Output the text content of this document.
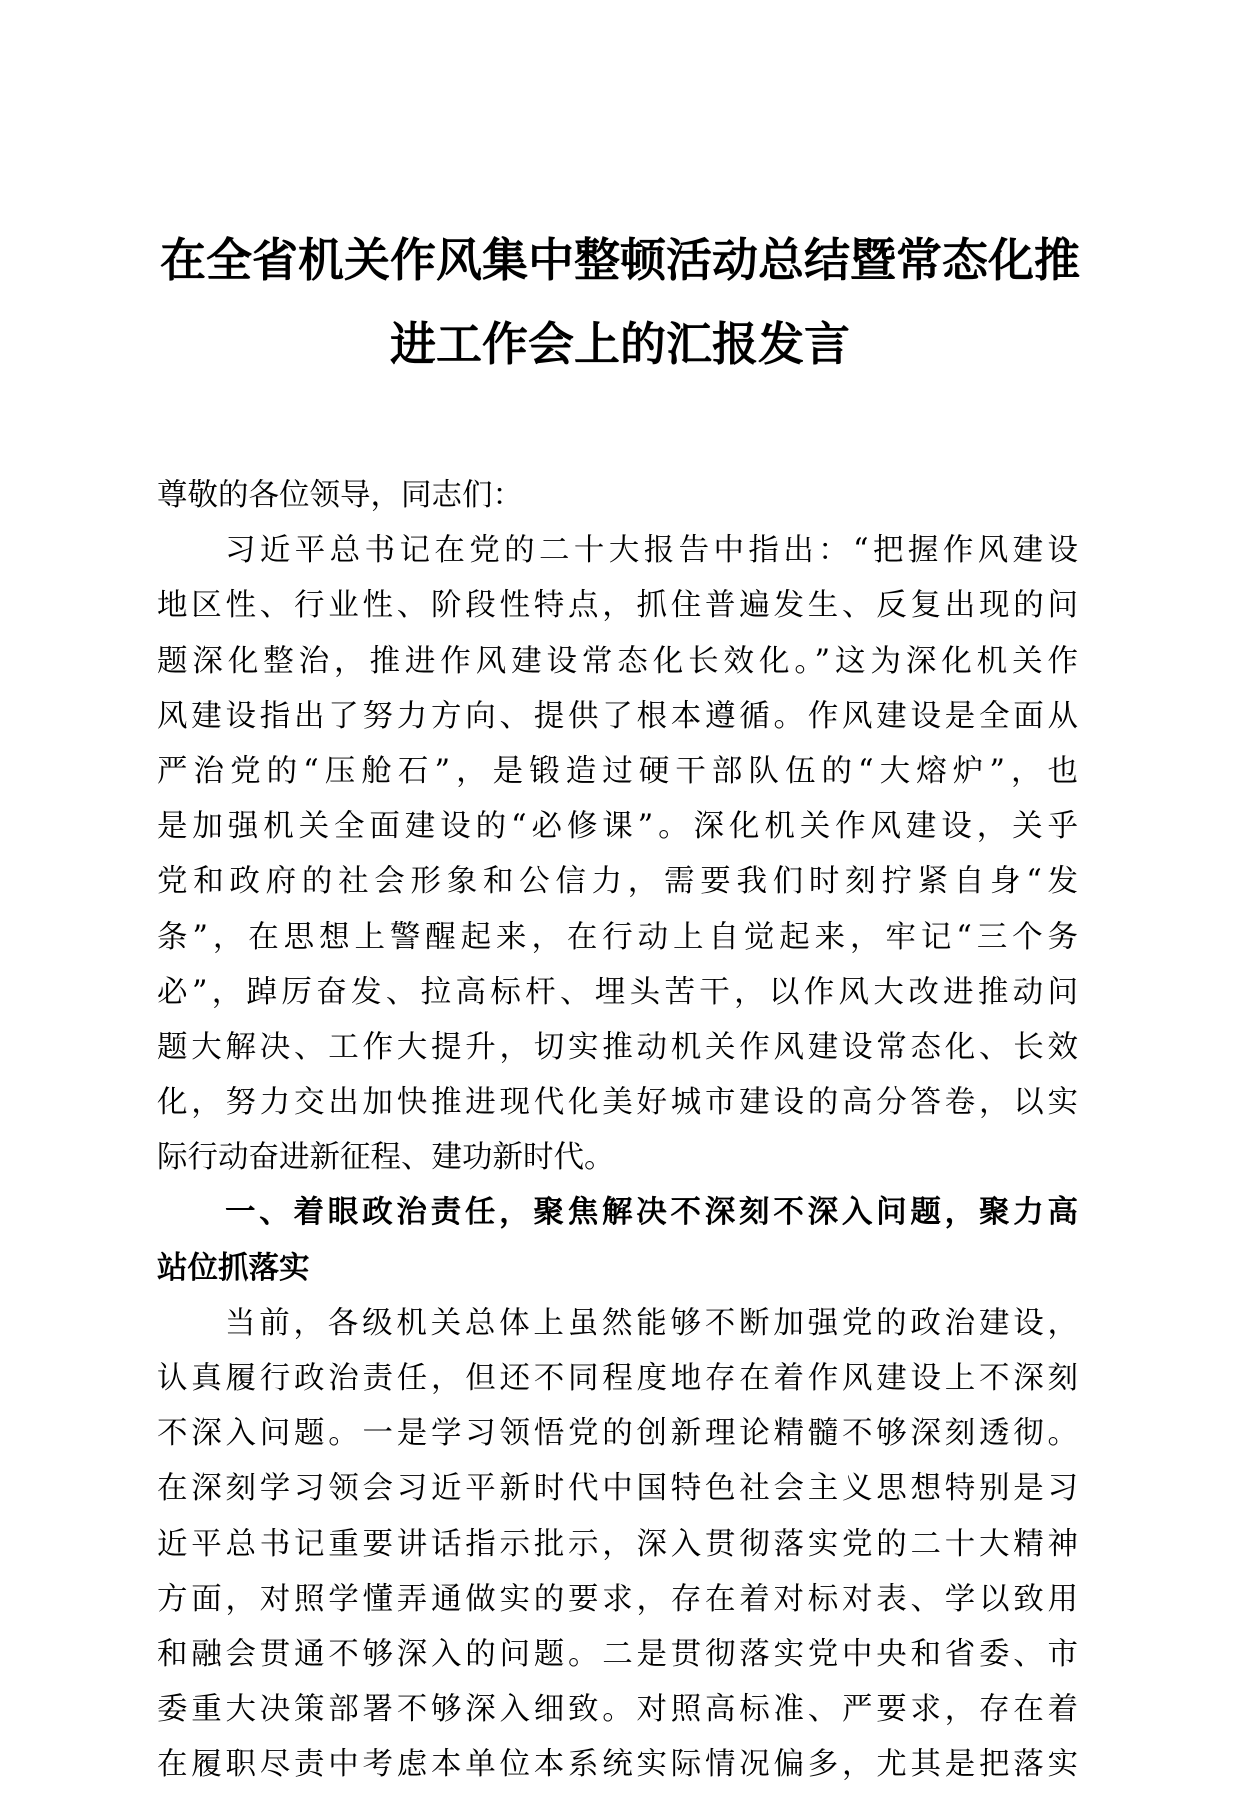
在全省机关作风集中整顿活动总结暨常态化推
进工作会上的汇报发言
尊敬的各位领导，同志们：
习近平总书记在党的二十大报告中指出：“把握作风建设
地区性、行业性、阶段性特点，抓住普遍发生、反复出现的问
题深化整治，推进作风建设常态化长效化。”这为深化机关作
风建设指出了努力方向、提供了根本遵循。作风建设是全面从
严治党的“压舱石”，是锻造过硬干部队伍的“大熔炉”，也
是加强机关全面建设的“必修课”。深化机关作风建设，关乎
党和政府的社会形象和公信力，需要我们时刻拧紧自身“发
条”，在思想上警醒起来，在行动上自觉起来，牢记“三个务
必”，踔厉奋发、拉高标杆、埋头苦干，以作风大改进推动问
题大解决、工作大提升，切实推动机关作风建设常态化、长效
化，努力交出加快推进现代化美好城市建设的高分答卷，以实
际行动奋进新征程、建功新时代。
一、着眼政治责任，聚焦解决不深刻不深入问题，聚力高
站位抓落实
当前，各级机关总体上虽然能够不断加强党的政治建设，
认真履行政治责任，但还不同程度地存在着作风建设上不深刻
不深入问题。一是学习领悟党的创新理论精髓不够深刻透彻。
在深刻学习领会习近平新时代中国特色社会主义思想特别是习
近平总书记重要讲话指示批示，深入贯彻落实党的二十大精神
方面，对照学懂弄通做实的要求，存在着对标对表、学以致用
和融会贯通不够深入的问题。二是贯彻落实党中央和省委、市
委重大决策部署不够深入细致。对照高标准、严要求，存在着
在履职尽责中考虑本单位本系统实际情况偏多，尤其是把落实
